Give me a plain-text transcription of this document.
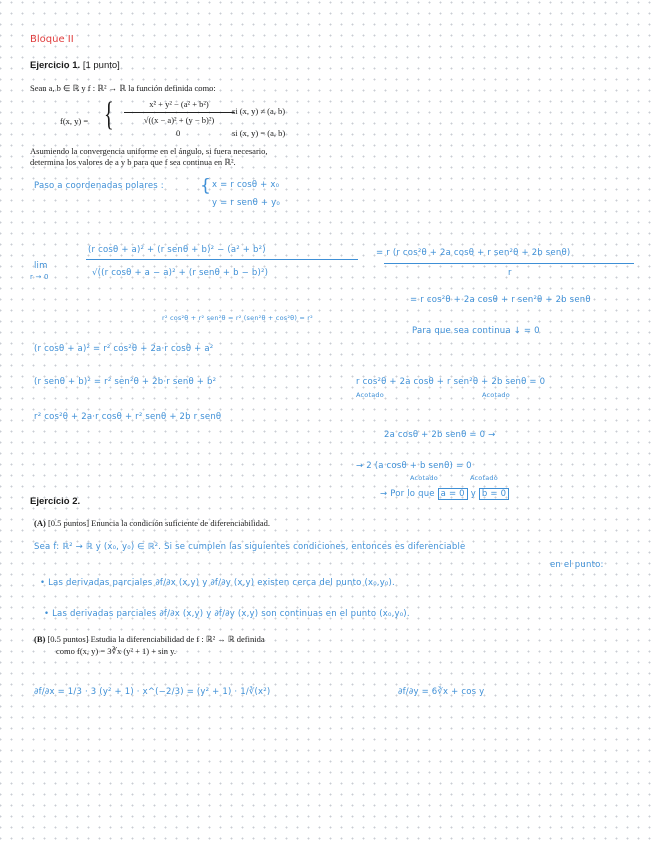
Bloque II
Ejercicio 1. [1 punto]
Sean a, b ∈ ℝ y f : ℝ² → ℝ la función definida como:
f(x, y) = {	x² + y² − (a² + b²)
√((x − a)² + (y − b)²)
si (x, y) ≠ (a, b)
0	si (x, y) = (a, b)
Asumiendo la convergencia uniforme en el ángulo, si fuera necesario,
determina los valores de a y b para que f sea continua en ℝ².
Paso a coordenadas polares : { x = r cosθ + x₀
y = r senθ + y₀
lim
r → 0
(r cosθ + a)² + (r senθ + b)² − (a² + b²)
√((r cosθ + a − a)² + (r senθ + b − b)²)
= r (r cos²θ + 2a cosθ + r sen²θ + 2b senθ)
r
= r cos²θ + 2a cosθ + r sen²θ + 2b senθ
r² cos²θ + r² sen²θ = r² (sen²θ + cos²θ) = r²
Para que sea continua ↓ = 0
(r cosθ + a)² = r² cos²θ + 2a·r cosθ + a²
(r senθ + b)² = r² sen²θ + 2b·r senθ + b²	r cos²θ + 2a cosθ + r sen²θ + 2b senθ = 0
Acotado	Acotado
r² cos²θ + 2a·r cosθ + r² senθ + 2b r senθ
2a cosθ + 2b senθ = 0 →
→ 2 (a cosθ + b senθ) = 0
Acotado	Acotado
→ Por lo que a = 0 y b = 0
Ejercicio 2.
(A) [0.5 puntos] Enuncia la condición suficiente de diferenciabilidad.
Sea f: ℝ² → ℝ y (x₀, y₀) ∈ ℝ². Si se cumplen las siguientes condiciones, entonces es diferenciable
en el punto:
• Las derivadas parciales ∂f/∂x (x,y) y ∂f/∂y (x,y) existen cerca del punto (x₀,y₀).
• Las derivadas parciales ∂f/∂x (x,y) y ∂f/∂y (x,y) son continuas en el punto (x₀,y₀).
(B) [0.5 puntos] Estudia la diferenciabilidad de f : ℝ² → ℝ definida
como f(x, y) = 3∛x (y² + 1) + sin y.
∂f/∂x = 1/3 · 3 (y² + 1) · x^(−2/3) = (y² + 1) · 1/∛(x²)	∂f/∂y = 6∛x + cos y
